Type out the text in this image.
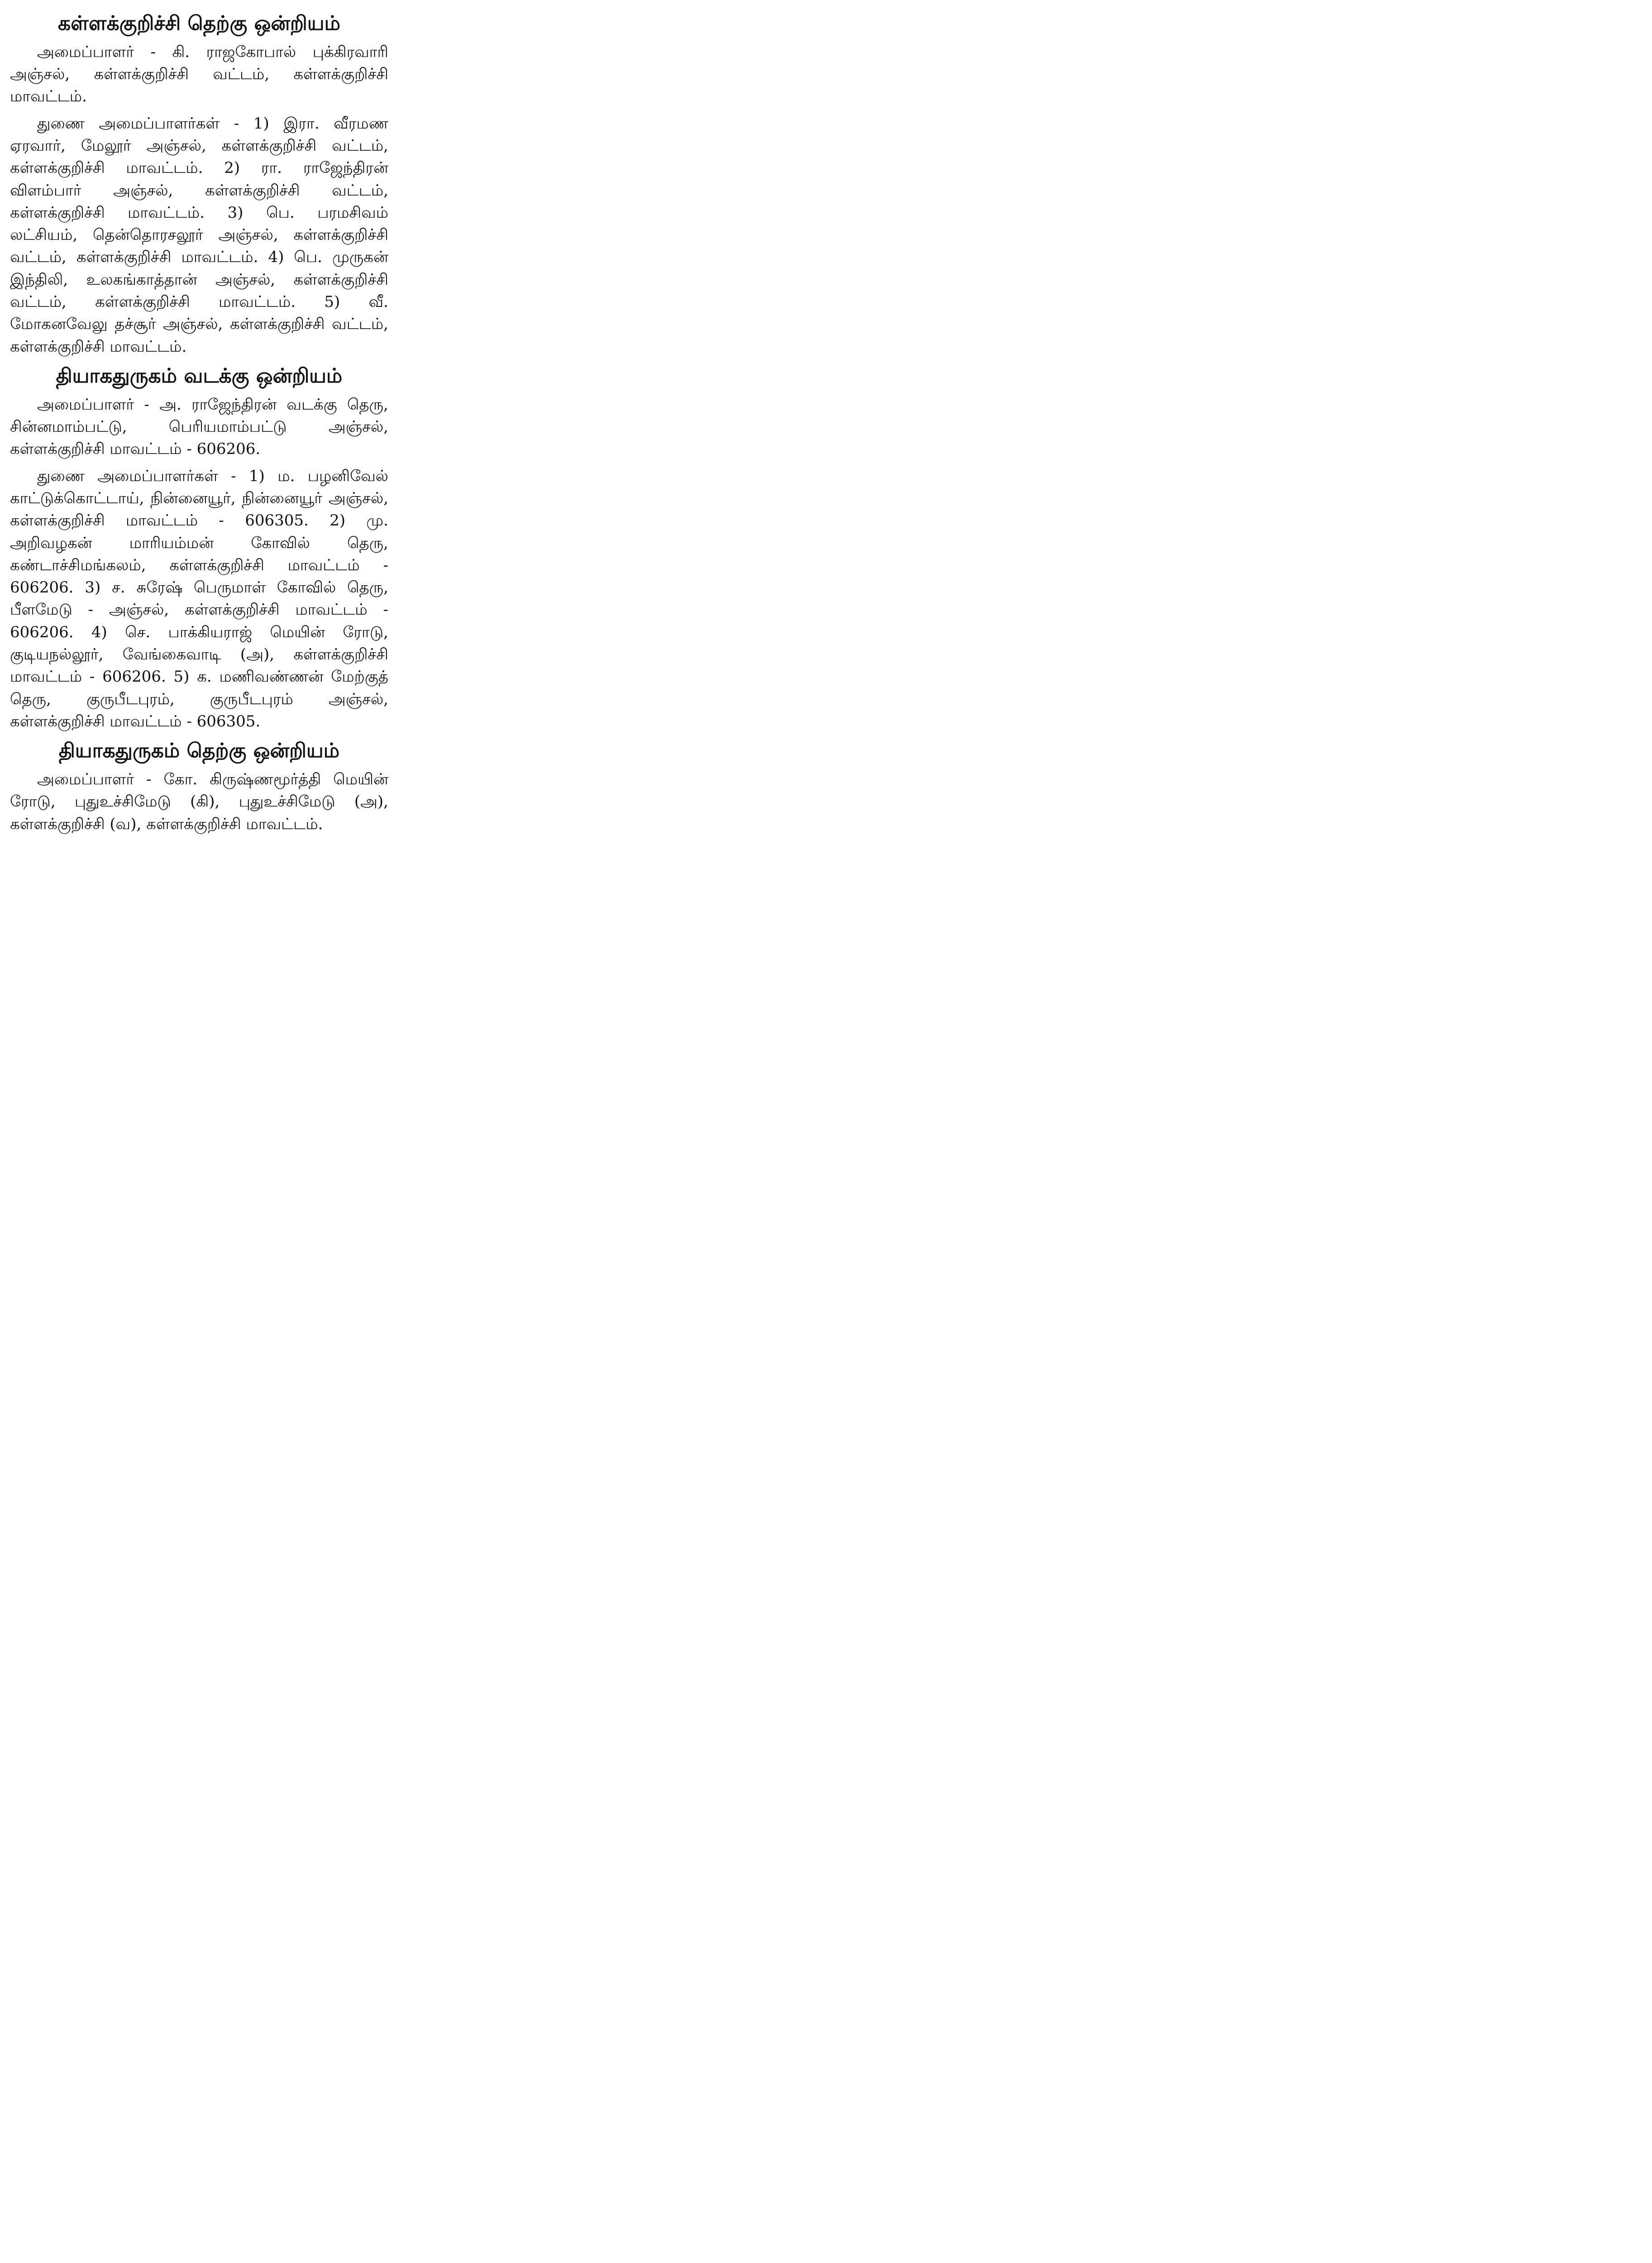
கள்ளக்குறிச்சி தெற்கு ஒன்றியம்

அமைப்பாளர் - கி. ராஜகோபால் புக்கிரவாரி அஞ்சல், கள்ளக்குறிச்சி வட்டம், கள்ளக்குறிச்சி மாவட்டம்.

துணை அமைப்பாளர்கள் - 1) இரா. வீரமண ஏரவார், மேலூர் அஞ்சல், கள்ளக்குறிச்சி வட்டம், கள்ளக்குறிச்சி மாவட்டம். 2) ரா. ராஜேந்திரன் விளம்பார் அஞ்சல், கள்ளக்குறிச்சி வட்டம், கள்ளக்குறிச்சி மாவட்டம். 3) பெ. பரமசிவம் லட்சியம், தென்தொரசலூர் அஞ்சல், கள்ளக்குறிச்சி வட்டம், கள்ளக்குறிச்சி மாவட்டம். 4) பெ. முருகன் இந்திலி, உலகங்காத்தான் அஞ்சல், கள்ளக்குறிச்சி வட்டம், கள்ளக்குறிச்சி மாவட்டம். 5) வீ. மோகனவேலு தச்சூர் அஞ்சல், கள்ளக்குறிச்சி வட்டம், கள்ளக்குறிச்சி மாவட்டம்.

தியாகதுருகம் வடக்கு ஒன்றியம்

அமைப்பாளர் - அ. ராஜேந்திரன் வடக்கு தெரு, சின்னமாம்பட்டு, பெரியமாம்பட்டு அஞ்சல், கள்ளக்குறிச்சி மாவட்டம் - 606206.

துணை அமைப்பாளர்கள் - 1) ம. பழனிவேல் காட்டுக்கொட்டாய், நின்னையூர், நின்னையூர் அஞ்சல், கள்ளக்குறிச்சி மாவட்டம் - 606305. 2) மு. அறிவழகன் மாரியம்மன் கோவில் தெரு, கண்டாச்சிமங்கலம், கள்ளக்குறிச்சி மாவட்டம் - 606206. 3) ச. சுரேஷ் பெருமாள் கோவில் தெரு, பீளமேடு - அஞ்சல், கள்ளக்குறிச்சி மாவட்டம் - 606206. 4) செ. பாக்கியராஜ் மெயின் ரோடு, குடியநல்லூர், வேங்கைவாடி (அ), கள்ளக்குறிச்சி மாவட்டம் - 606206. 5) க. மணிவண்ணன் மேற்குத் தெரு, குருபீடபுரம், குருபீடபுரம் அஞ்சல், கள்ளக்குறிச்சி மாவட்டம் - 606305.

தியாகதுருகம் தெற்கு ஒன்றியம்

அமைப்பாளர் - கோ. கிருஷ்ணமூர்த்தி மெயின் ரோடு, புதுஉச்சிமேடு (கி), புதுஉச்சிமேடு (அ), கள்ளக்குறிச்சி (வ), கள்ளக்குறிச்சி மாவட்டம்.
